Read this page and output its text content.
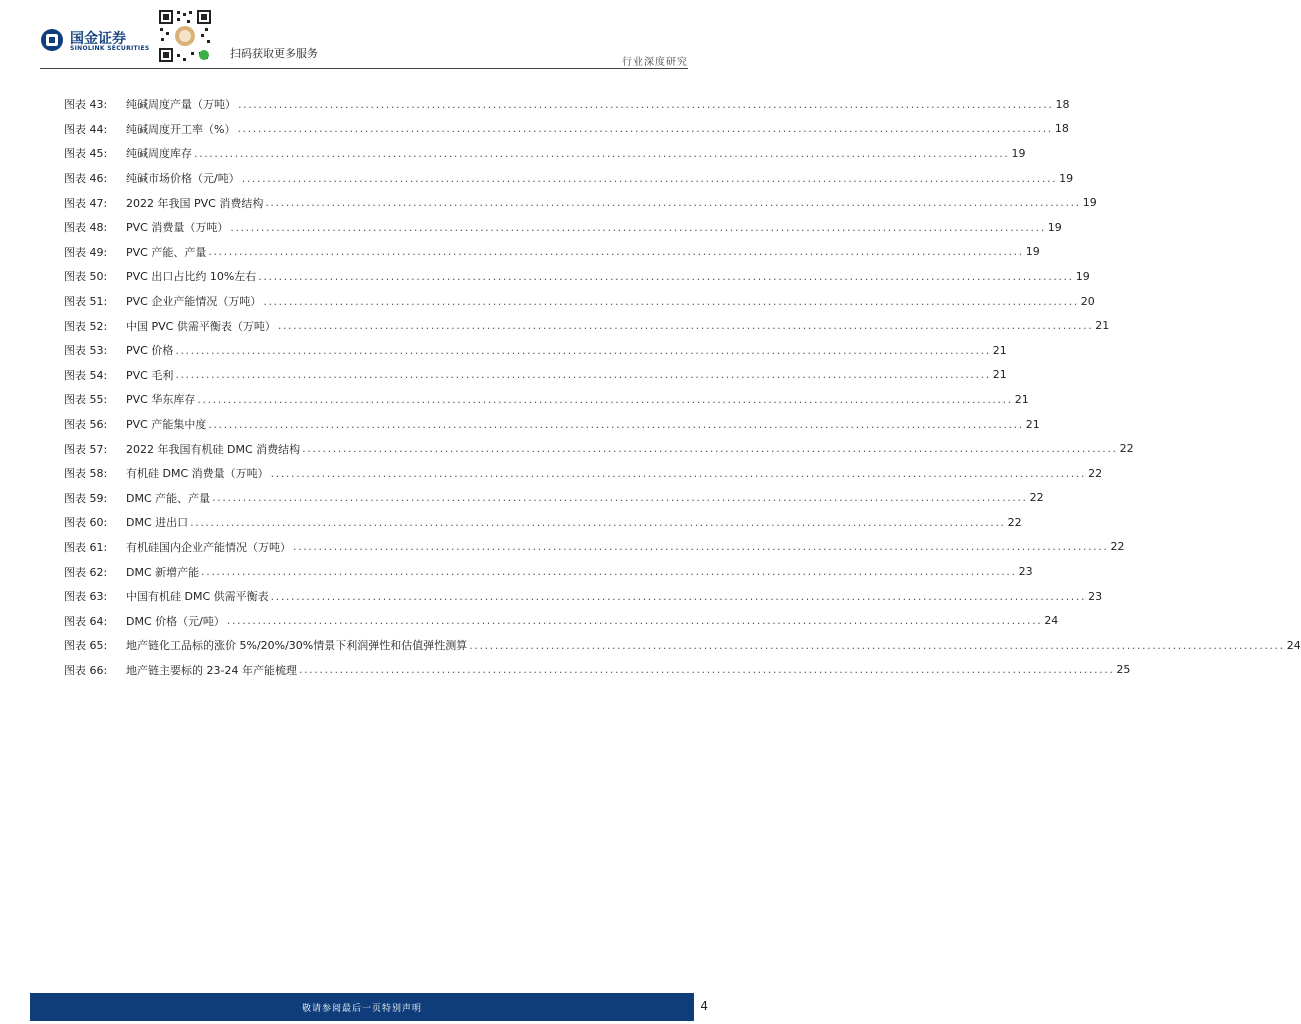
国金证券
SINOLINK SECURITIES	扫码获取更多服务
行业深度研究
图表 43:	纯碱周度产量（万吨） ................................................................................................................................................................ 18
图表 44:	纯碱周度开工率（%） ................................................................................................................................................................ 18
图表 45:	纯碱周度库存 ................................................................................................................................................................ 19
图表 46:	纯碱市场价格（元/吨） ................................................................................................................................................................ 19
图表 47:	2022 年我国 PVC 消费结构 ................................................................................................................................................................ 19
图表 48:	PVC 消费量（万吨） ................................................................................................................................................................ 19
图表 49:	PVC 产能、产量 ................................................................................................................................................................ 19
图表 50:	PVC 出口占比约 10%左右 ................................................................................................................................................................ 19
图表 51:	PVC 企业产能情况（万吨） ................................................................................................................................................................ 20
图表 52:	中国 PVC 供需平衡表（万吨） ................................................................................................................................................................ 21
图表 53:	PVC 价格 ................................................................................................................................................................ 21
图表 54:	PVC 毛利 ................................................................................................................................................................ 21
图表 55:	PVC 华东库存 ................................................................................................................................................................ 21
图表 56:	PVC 产能集中度 ................................................................................................................................................................ 21
图表 57:	2022 年我国有机硅 DMC 消费结构 ................................................................................................................................................................ 22
图表 58:	有机硅 DMC 消费量（万吨） ................................................................................................................................................................ 22
图表 59:	DMC 产能、产量 ................................................................................................................................................................ 22
图表 60:	DMC 进出口 ................................................................................................................................................................ 22
图表 61:	有机硅国内企业产能情况（万吨） ................................................................................................................................................................ 22
图表 62:	DMC 新增产能 ................................................................................................................................................................ 23
图表 63:	中国有机硅 DMC 供需平衡表 ................................................................................................................................................................ 23
图表 64:	DMC 价格（元/吨） ................................................................................................................................................................ 24
图表 65:	地产链化工品标的涨价 5%/20%/30%情景下利润弹性和估值弹性测算 ................................................................................................................................................................ 24
图表 66:	地产链主要标的 23-24 年产能梳理 ................................................................................................................................................................ 25
敬请参阅最后一页特别声明	4
